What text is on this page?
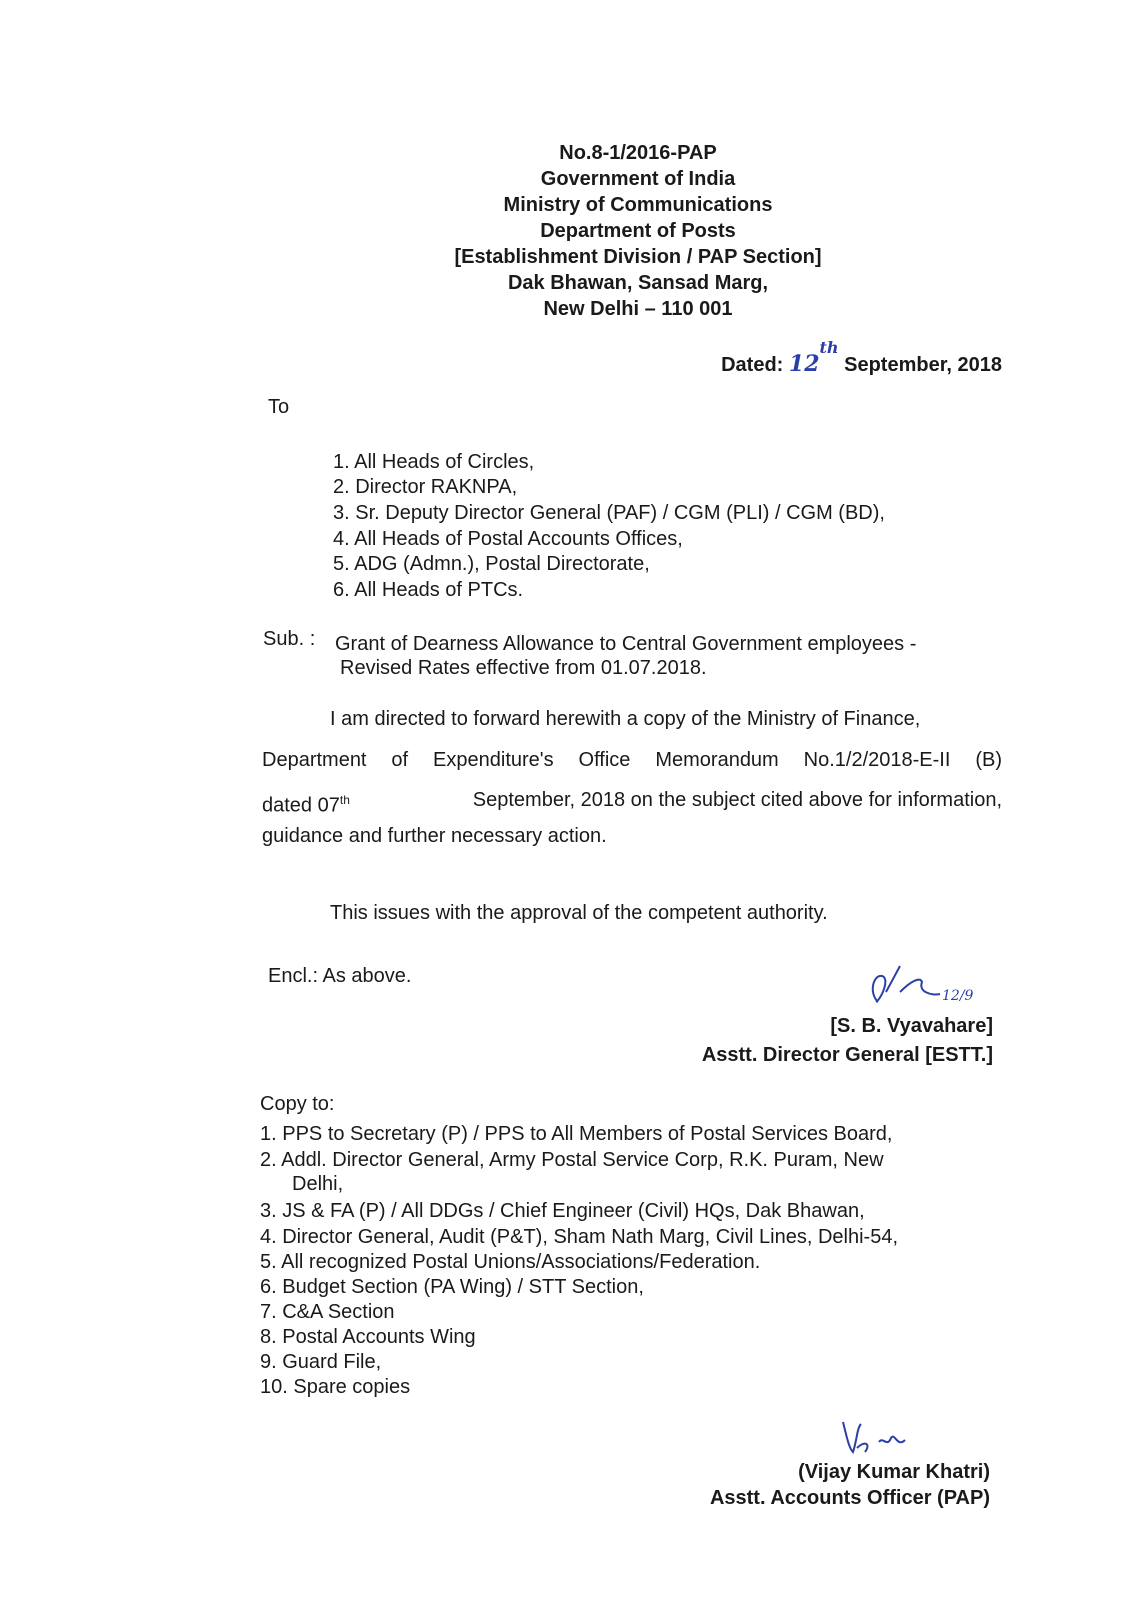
No.8-1/2016-PAP
Government of India
Ministry of Communications
Department of Posts
[Establishment Division / PAP Section]
Dak Bhawan, Sansad Marg,
New Delhi – 110 001
Dated: 12th September, 2018
To
1. All Heads of Circles,
2. Director RAKNPA,
3. Sr. Deputy Director General (PAF) / CGM (PLI) / CGM (BD),
4. All Heads of Postal Accounts Offices,
5. ADG (Admn.), Postal Directorate,
6. All Heads of PTCs.
Sub. : Grant of Dearness Allowance to Central Government employees -
Revised Rates effective from 01.07.2018.
I am directed to forward herewith a copy of the Ministry of Finance,
Department of Expenditure's Office Memorandum No.1/2/2018-E-II (B)
dated 07th	September, 2018 on the subject cited above for information,
guidance and further necessary action.
This issues with the approval of the competent authority.
Encl.: As above.
12/9
[S. B. Vyavahare]
Asstt. Director General [ESTT.]
Copy to:
1. PPS to Secretary (P) / PPS to All Members of Postal Services Board,
2. Addl. Director General, Army Postal Service Corp, R.K. Puram, New
Delhi,
3. JS & FA (P) / All DDGs / Chief Engineer (Civil) HQs, Dak Bhawan,
4. Director General, Audit (P&T), Sham Nath Marg, Civil Lines, Delhi-54,
5. All recognized Postal Unions/Associations/Federation.
6. Budget Section (PA Wing) / STT Section,
7. C&A Section
8. Postal Accounts Wing
9. Guard File,
10. Spare copies
(Vijay Kumar Khatri)
Asstt. Accounts Officer (PAP)
